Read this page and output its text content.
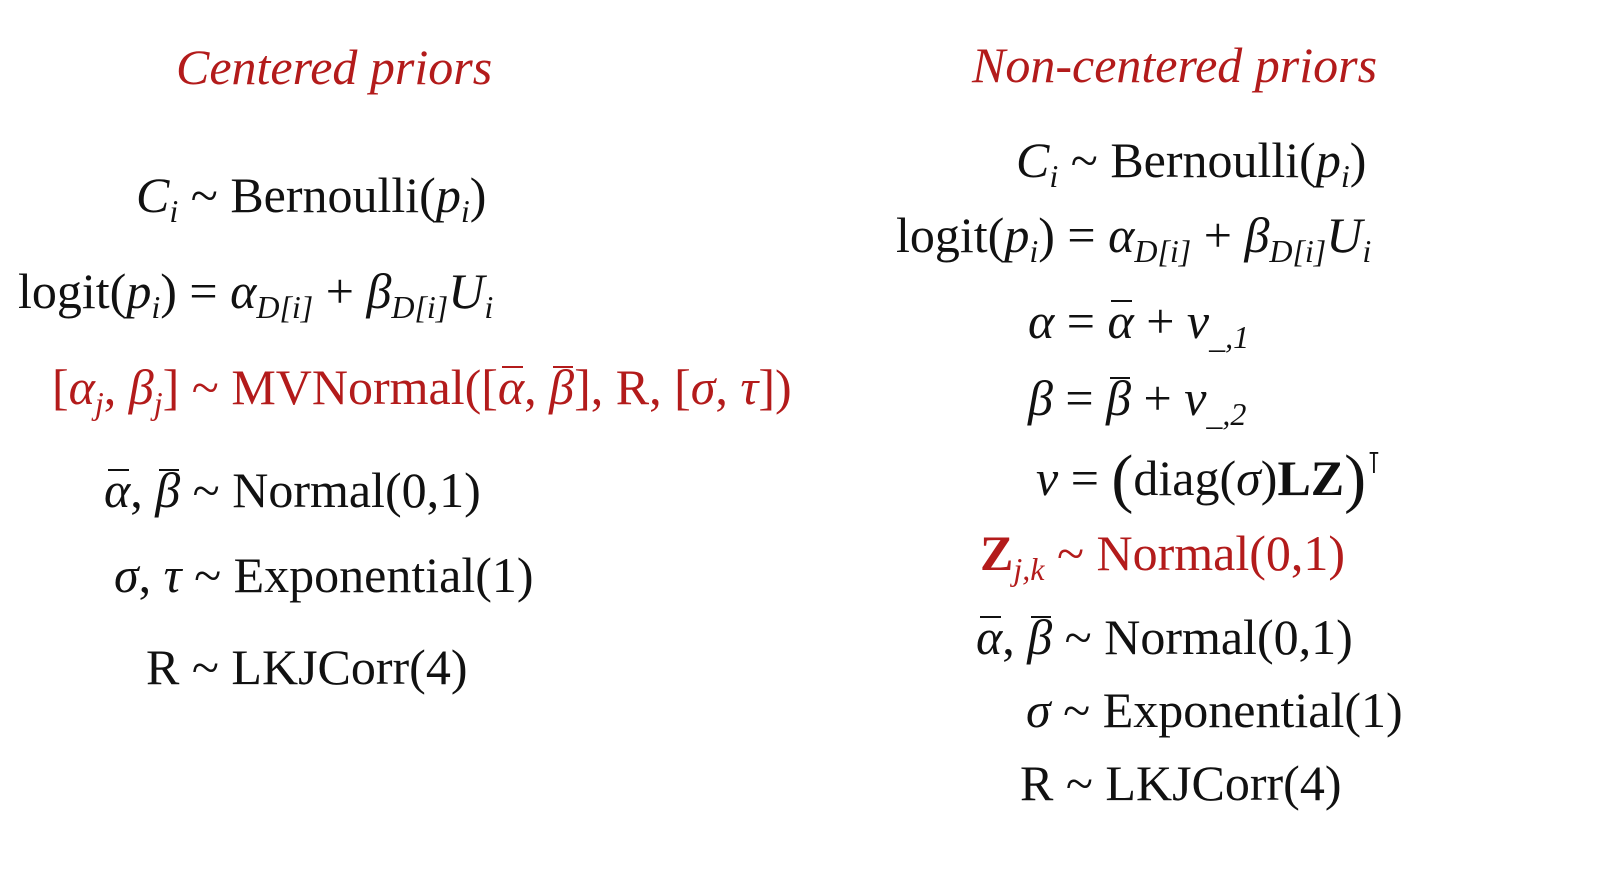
Centered priors
$C_i$ ~ $Bernoulli(p_i)$
$logit(p_i) = \alpha_{D[i]} + \beta_{D[i]}U_i$
[$\alpha_j$, $\beta_j$] ~ MVNormal([α, β], R, [σ, τ])
α, β ~ Normal(0,1)
σ, τ ~ Exponential(1)
R ~ LKJCorr(4)
Non-centered priors
$C_i$ ~ $Bernoulli(p_i)$
$logit(p_i) = \alpha_{D[i]} + \beta_{D[i]}U_i$
$\alpha = \alpha + v_{\_,1}$
$\beta = \beta + v_{\_,2}$
v = (diag(σ)LZ)⊺
$Z_{j,k}$ ~ Normal(0,1)
α, β ~ Normal(0,1)
σ ~ Exponential(1)
R ~ LKJCorr(4)
